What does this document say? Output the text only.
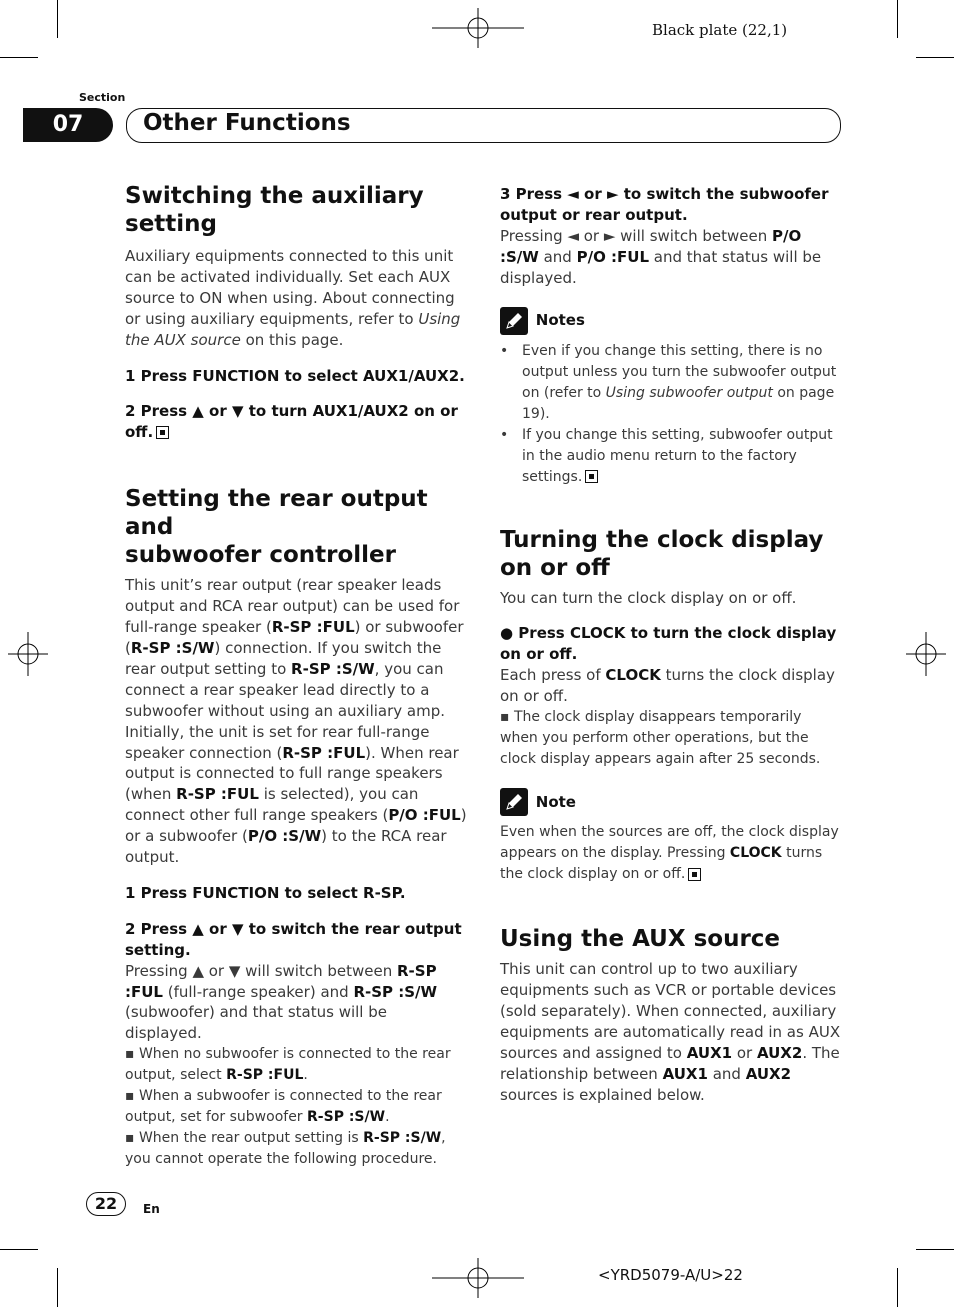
Black plate (22,1)
Section
07	Other Functions
Switching the auxiliary setting

Auxiliary equipments connected to this unit can be activated individually. Set each AUX source to ON when using. About connecting or using auxiliary equipments, refer to Using the AUX source on this page.

1 Press FUNCTION to select AUX1/AUX2.

2 Press ▲ or ▼ to turn AUX1/AUX2 on or off.

Setting the rear output and
subwoofer controller

This unit’s rear output (rear speaker leads output and RCA rear output) can be used for full-range speaker (R-SP :FUL) or subwoofer (R-SP :S/W) connection. If you switch the rear output setting to R-SP :S/W, you can connect a rear speaker lead directly to a subwoofer without using an auxiliary amp.

Initially, the unit is set for rear full-range speaker connection (R-SP :FUL). When rear output is connected to full range speakers (when R-SP :FUL is selected), you can connect other full range speakers (P/O :FUL) or a subwoofer (P/O :S/W) to the RCA rear output.

1 Press FUNCTION to select R-SP.

2 Press ▲ or ▼ to switch the rear output setting.

Pressing ▲ or ▼ will switch between R-SP :FUL (full-range speaker) and R-SP :S/W (subwoofer) and that status will be displayed.

▪ When no subwoofer is connected to the rear output, select R-SP :FUL.

▪ When a subwoofer is connected to the rear output, set for subwoofer R-SP :S/W.

▪ When the rear output setting is R-SP :S/W, you cannot operate the following procedure.

3 Press ◄ or ► to switch the subwoofer output or rear output.

Pressing ◄ or ► will switch between P/O :S/W and P/O :FUL and that status will be displayed.

Notes

• Even if you change this setting, there is no output unless you turn the subwoofer output on (refer to Using subwoofer output on page 19).

• If you change this setting, subwoofer output in the audio menu return to the factory settings.

Turning the clock display
on or off

You can turn the clock display on or off.

● Press CLOCK to turn the clock display on or off.

Each press of CLOCK turns the clock display on or off.

▪ The clock display disappears temporarily when you perform other operations, but the clock display appears again after 25 seconds.

Note

Even when the sources are off, the clock display appears on the display. Pressing CLOCK turns the clock display on or off.

Using the AUX source

This unit can control up to two auxiliary equipments such as VCR or portable devices (sold separately). When connected, auxiliary equipments are automatically read in as AUX sources and assigned to AUX1 or AUX2. The relationship between AUX1 and AUX2 sources is explained below.

22	En
<YRD5079-A/U>22
